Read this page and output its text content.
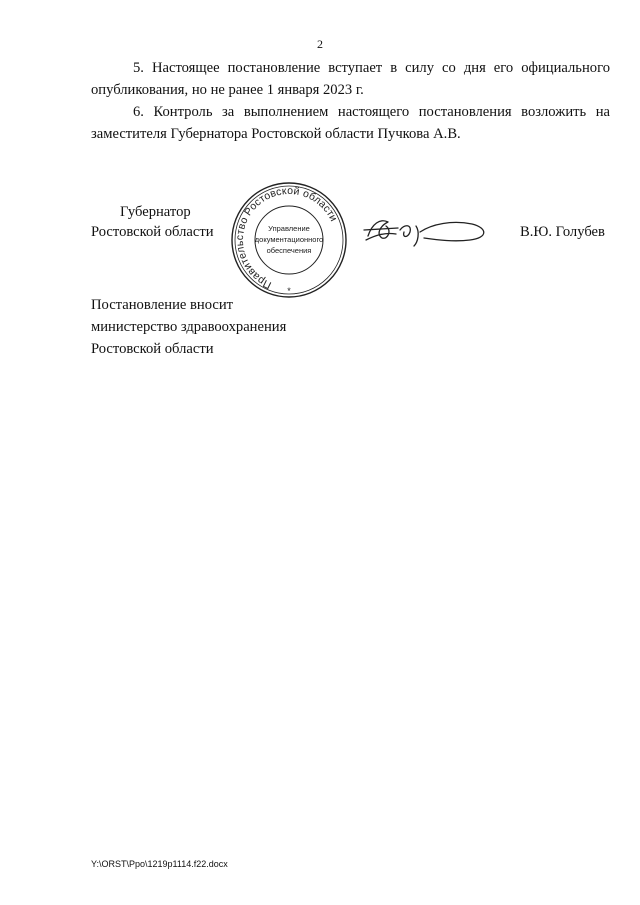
2

5. Настоящее постановление вступает в силу со дня его официального опубликования, но не ранее 1 января 2023 г.

6. Контроль за выполнением настоящего постановления возложить на заместителя Губернатора Ростовской области Пучкова А.В.

Губернатор
Ростовской области
Правительство Ростовской области
Управление
документационного
обеспечения
*
В.Ю. Голубев
Постановление вносит
министерство здравоохранения
Ростовской области
Y:\ORST\Ppo\1219p1114.f22.docx
